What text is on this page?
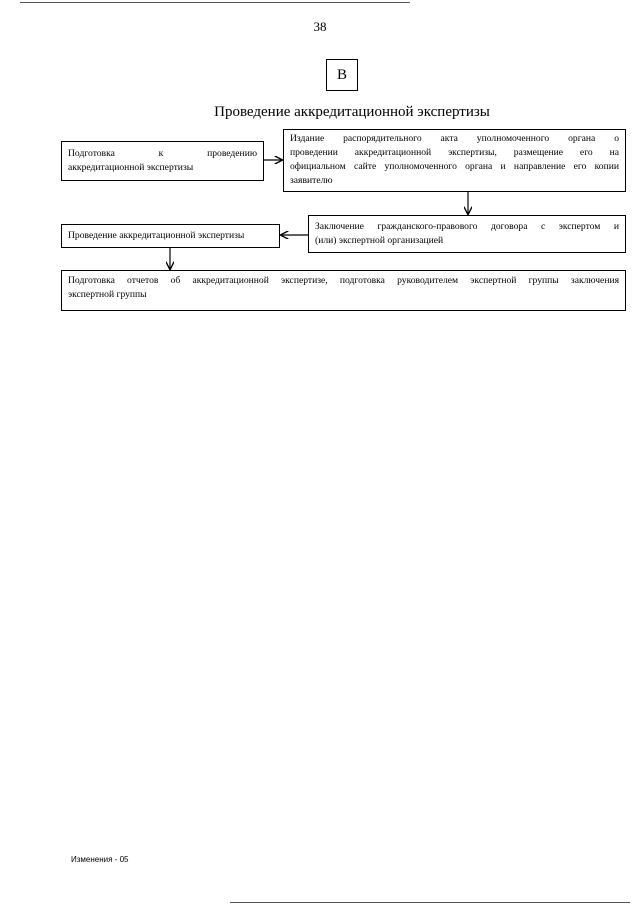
38
В
Проведение аккредитационной экспертизы
Подготовка к проведению
аккредитационной экспертизы
Издание распорядительного акта уполномоченного органа о
проведении аккредитационной экспертизы, размещение его на
официальном сайте уполномоченного органа и направление его копии
заявителю
Заключение гражданского-правового договора с экспертом и
(или) экспертной организацией
Проведение аккредитационной экспертизы
Подготовка отчетов об аккредитационной экспертизе, подготовка руководителем экспертной группы заключения
экспертной группы
Изменения - 05
